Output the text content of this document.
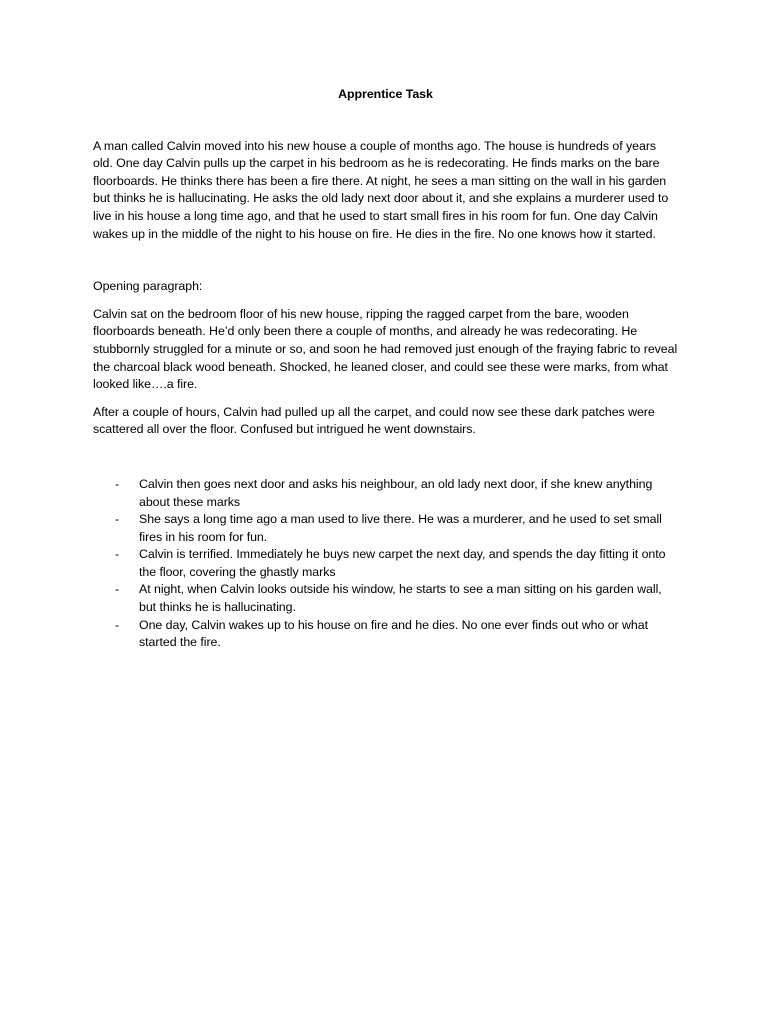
Apprentice Task

A man called Calvin moved into his new house a couple of months ago. The house is hundreds of years old. One day Calvin pulls up the carpet in his bedroom as he is redecorating. He finds marks on the bare floorboards. He thinks there has been a fire there. At night, he sees a man sitting on the wall in his garden but thinks he is hallucinating. He asks the old lady next door about it, and she explains a murderer used to live in his house a long time ago, and that he used to start small fires in his room for fun. One day Calvin wakes up in the middle of the night to his house on fire. He dies in the fire. No one knows how it started.

Opening paragraph:

Calvin sat on the bedroom floor of his new house, ripping the ragged carpet from the bare, wooden floorboards beneath. He’d only been there a couple of months, and already he was redecorating. He stubbornly struggled for a minute or so, and soon he had removed just enough of the fraying fabric to reveal the charcoal black wood beneath. Shocked, he leaned closer, and could see these were marks, from what looked like….a fire.

After a couple of hours, Calvin had pulled up all the carpet, and could now see these dark patches were scattered all over the floor. Confused but intrigued he went downstairs.

- Calvin then goes next door and asks his neighbour, an old lady next door, if she knew anything about these marks
- She says a long time ago a man used to live there. He was a murderer, and he used to set small fires in his room for fun.
- Calvin is terrified. Immediately he buys new carpet the next day, and spends the day fitting it onto the floor, covering the ghastly marks
- At night, when Calvin looks outside his window, he starts to see a man sitting on his garden wall, but thinks he is hallucinating.
- One day, Calvin wakes up to his house on fire and he dies. No one ever finds out who or what started the fire.
